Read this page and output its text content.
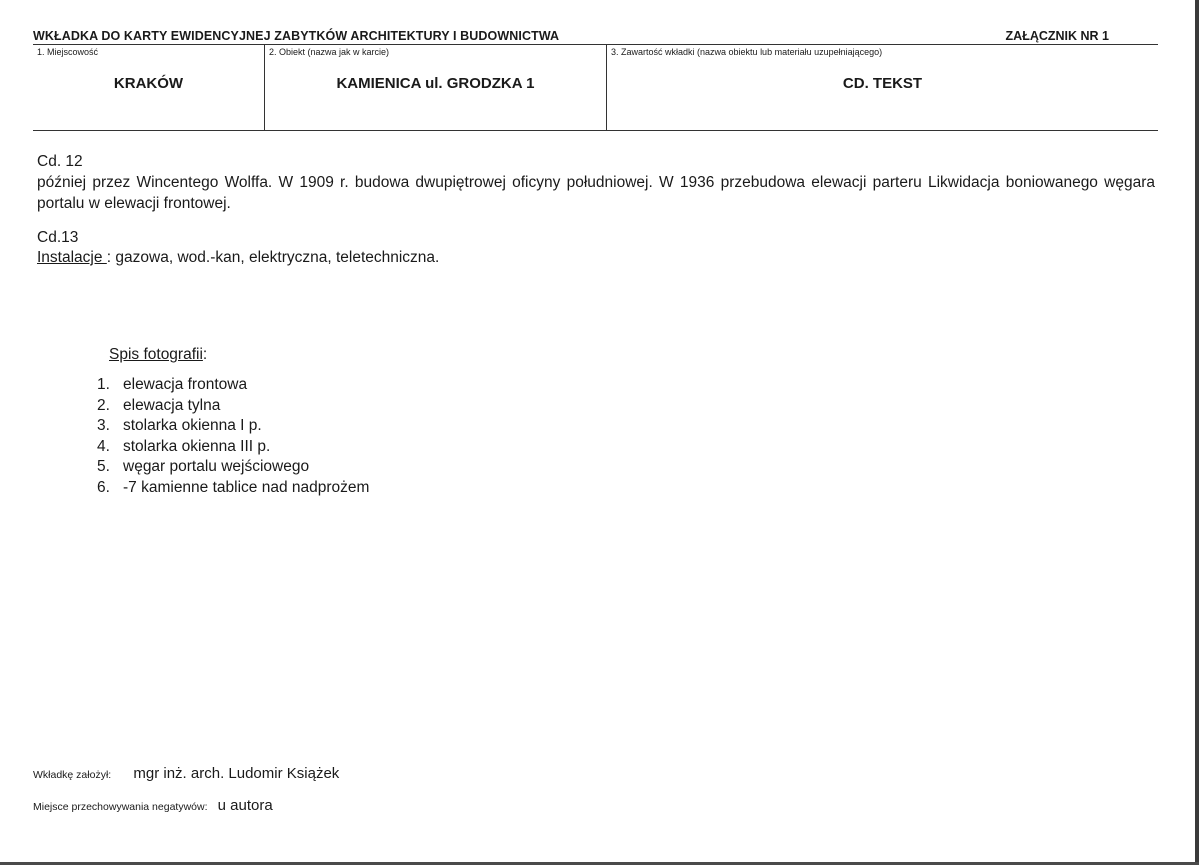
WKŁADKA DO KARTY EWIDENCYJNEJ ZABYTKÓW ARCHITEKTURY I BUDOWNICTWA	ZAŁĄCZNIK NR 1
1. Miejscowość
KRAKÓW
2. Obiekt (nazwa jak w karcie)
KAMIENICA ul. GRODZKA 1
3. Zawartość wkładki (nazwa obiektu lub materiału uzupełniającego)
CD. TEKST
Cd. 12
później przez Wincentego Wolffa. W 1909 r. budowa dwupiętrowej oficyny południowej. W 1936 przebudowa elewacji parteru Likwidacja boniowanego węgara portalu w elewacji frontowej.
Cd.13
Instalacje : gazowa, wod.-kan, elektryczna, teletechniczna.
Spis fotografii:
1. elewacja frontowa
2. elewacja tylna
3. stolarka okienna I p.
4. stolarka okienna III p.
5. węgar portalu wejściowego
6. -7 kamienne tablice nad nadprożem
Wkładkę założył: mgr inż. arch. Ludomir Książek
Miejsce przechowywania negatywów: u autora
